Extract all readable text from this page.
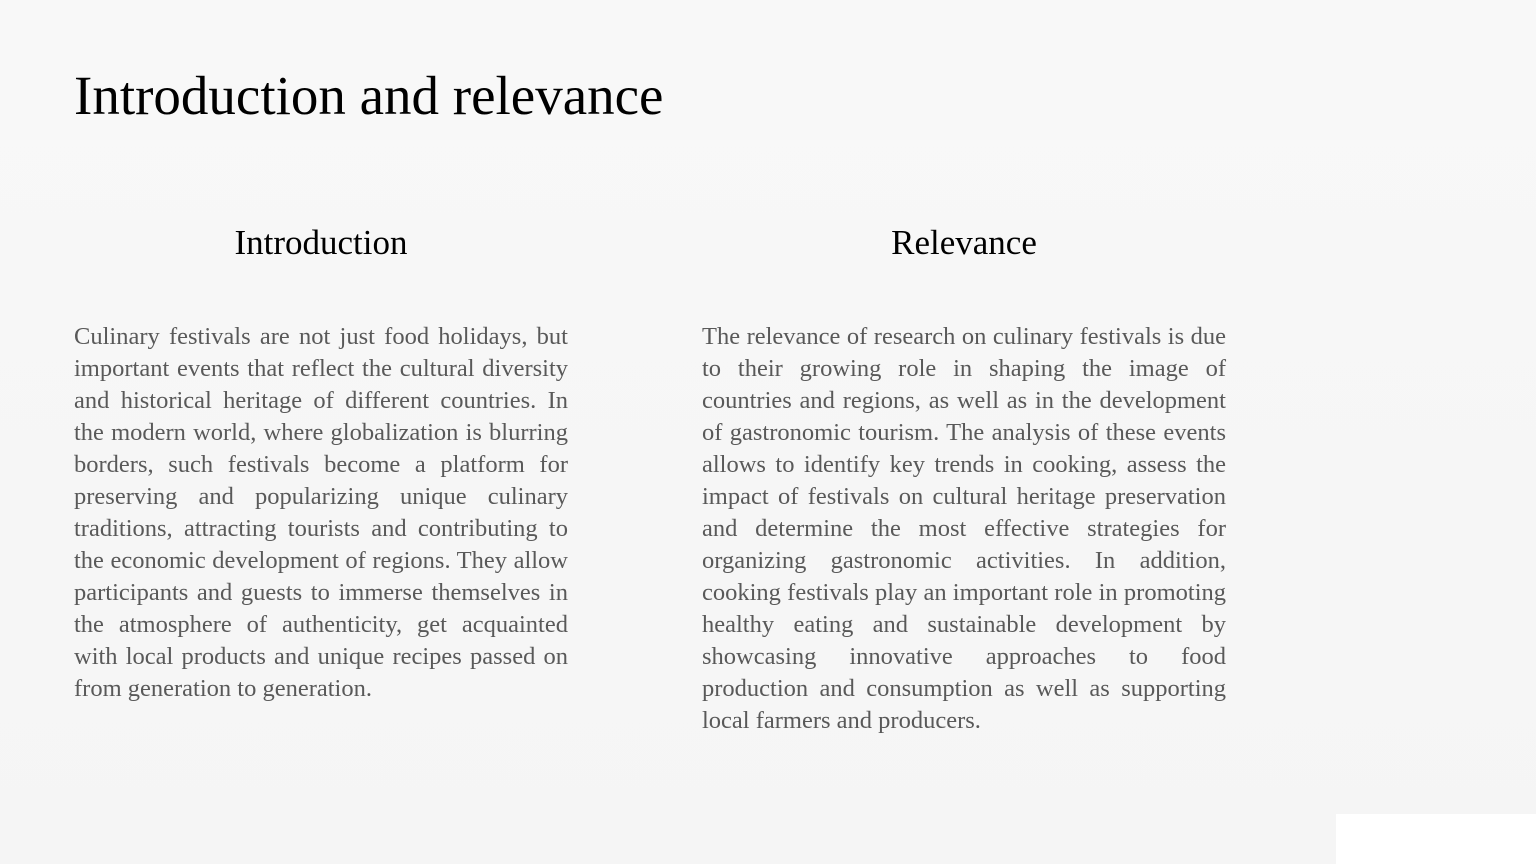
Introduction and relevance
Introduction

Culinary festivals are not just food holidays, but important events that reflect the cultural diversity and historical heritage of different countries. In the modern world, where globalization is blurring borders, such festivals become a platform for preserving and popularizing unique culinary traditions, attracting tourists and contributing to the economic development of regions. They allow participants and guests to immerse themselves in the atmosphere of authenticity, get acquainted with local products and unique recipes passed on from generation to generation.

Relevance

The relevance of research on culinary festivals is due to their growing role in shaping the image of countries and regions, as well as in the development of gastronomic tourism. The analysis of these events allows to identify key trends in cooking, assess the impact of festivals on cultural heritage preservation and determine the most effective strategies for organizing gastronomic activities. In addition, cooking festivals play an important role in promoting healthy eating and sustainable development by showcasing innovative approaches to food production and consumption as well as supporting local farmers and producers.
